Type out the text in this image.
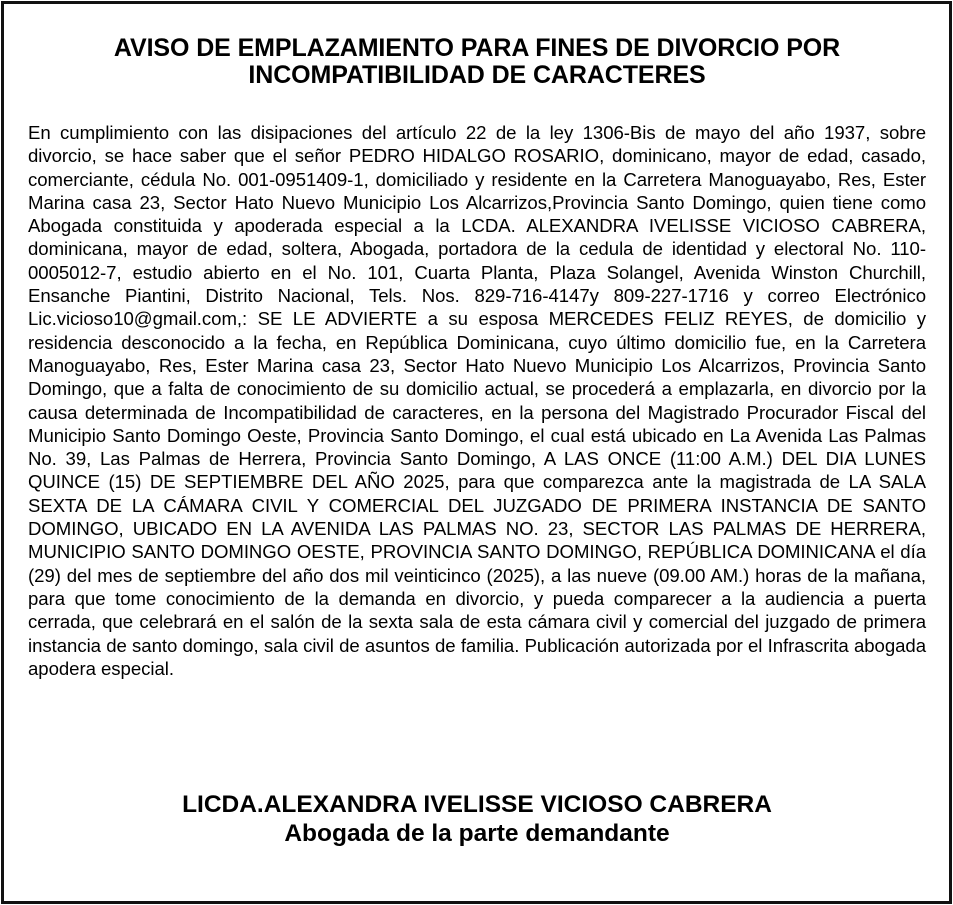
AVISO DE EMPLAZAMIENTO PARA FINES DE DIVORCIO POR
INCOMPATIBILIDAD DE CARACTERES

En cumplimiento con las disipaciones del artículo 22 de la ley 1306-Bis de mayo del año 1937, sobre divorcio, se hace saber que el señor PEDRO HIDALGO ROSARIO, dominicano, mayor de edad, casado, comerciante, cédula No. 001-0951409-1, domiciliado y residente en la Carretera Manoguayabo, Res, Ester Marina casa 23, Sector Hato Nuevo Municipio Los Alcarrizos,Provincia Santo Domingo, quien tiene como Abogada constituida y apoderada especial a la LCDA. ALEXANDRA IVELISSE VICIOSO CABRERA, dominicana, mayor de edad, soltera, Abogada, portadora de la cedula de identidad y electoral No. 110-0005012-7, estudio abierto en el No. 101, Cuarta Planta, Plaza Solangel, Avenida Winston Churchill, Ensanche Piantini, Distrito Nacional, Tels. Nos. 829-716-4147y 809-227-1716 y correo Electrónico Lic.vicioso10@gmail.com,: SE LE ADVIERTE a su esposa MERCEDES FELIZ REYES, de domicilio y residencia desconocido a la fecha, en República Dominicana, cuyo último domicilio fue, en la Carretera Manoguayabo, Res, Ester Marina casa 23, Sector Hato Nuevo Municipio Los Alcarrizos, Provincia Santo Domingo, que a falta de conocimiento de su domicilio actual, se procederá a emplazarla, en divorcio por la causa determinada de Incompatibilidad de caracteres, en la persona del Magistrado Procurador Fiscal del Municipio Santo Domingo Oeste, Provincia Santo Domingo, el cual está ubicado en La Avenida Las Palmas No. 39, Las Palmas de Herrera, Provincia Santo Domingo, A LAS ONCE (11:00 A.M.) DEL DIA LUNES QUINCE (15) DE SEPTIEMBRE DEL AÑO 2025, para que comparezca ante la magistrada de LA SALA SEXTA DE LA CÁMARA CIVIL Y COMERCIAL DEL JUZGADO DE PRIMERA INSTANCIA DE SANTO DOMINGO, UBICADO EN LA AVENIDA LAS PALMAS NO. 23, SECTOR LAS PALMAS DE HERRERA, MUNICIPIO SANTO DOMINGO OESTE, PROVINCIA SANTO DOMINGO, REPÚBLICA DOMINICANA el día (29) del mes de septiembre del año dos mil veinticinco (2025), a las nueve (09.00 AM.) horas de la mañana, para que tome conocimiento de la demanda en divorcio, y pueda comparecer a la audiencia a puerta cerrada, que celebrará en el salón de la sexta sala de esta cámara civil y comercial del juzgado de primera instancia de santo domingo, sala civil de asuntos de familia. Publicación autorizada por el Infrascrita abogada apodera especial.

LICDA.ALEXANDRA IVELISSE VICIOSO CABRERA

Abogada de la parte demandante
